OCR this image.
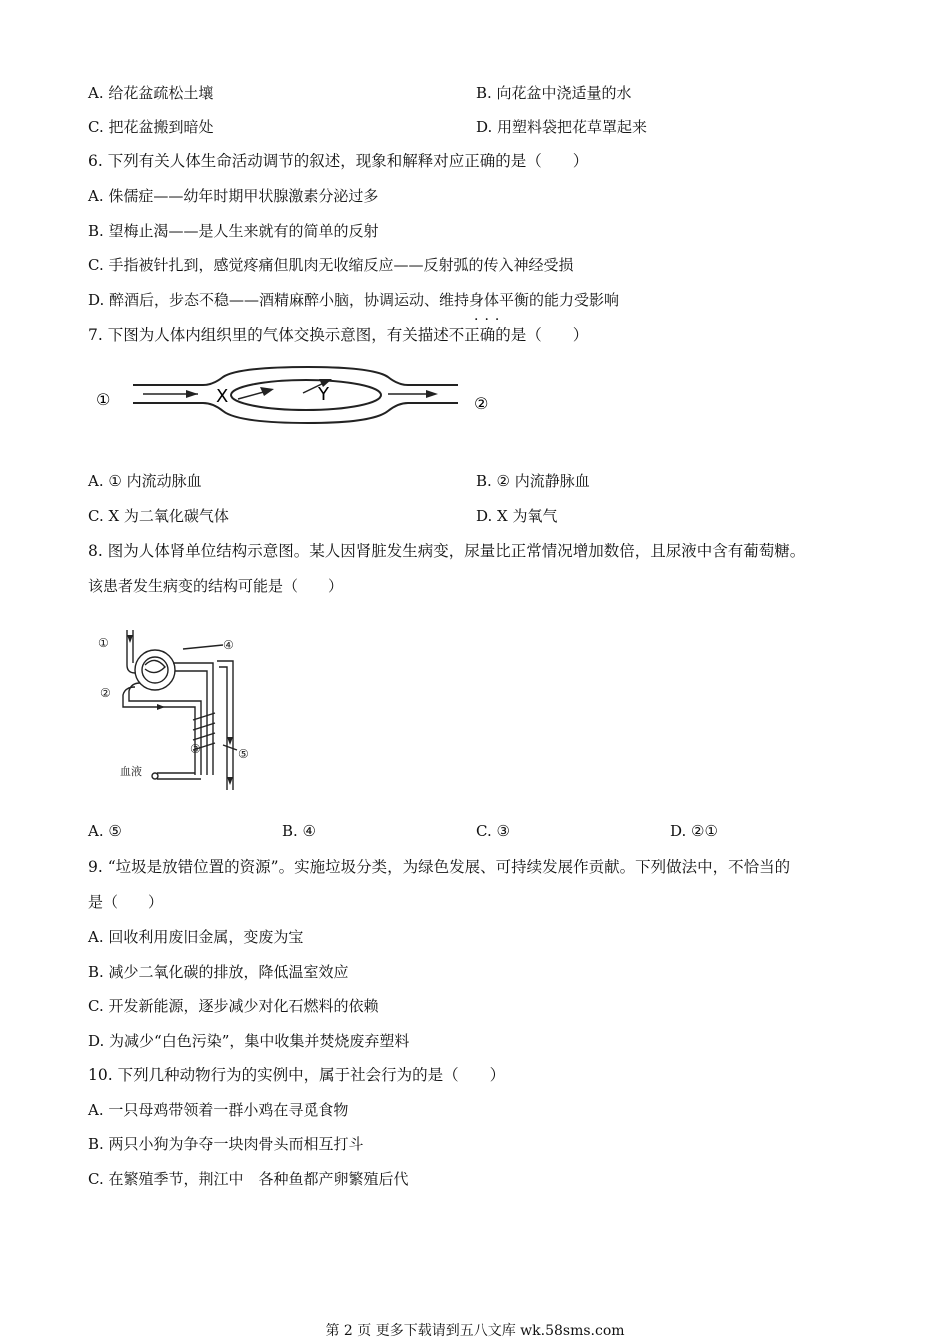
A. 给花盆疏松土壤	B. 向花盆中浇适量的水
C. 把花盆搬到暗处	D. 用塑料袋把花草罩起来
6. 下列有关人体生命活动调节的叙述，现象和解释对应正确的是（　　）
A. 侏儒症——幼年时期甲状腺激素分泌过多
B. 望梅止渴——是人生来就有的简单的反射
C. 手指被针扎到，感觉疼痛但肌肉无收缩反应——反射弧的传入神经受损
D. 醉酒后，步态不稳——酒精麻醉小脑，协调运动、维持身体平衡的能力受影响
···
7. 下图为人体内组织里的气体交换示意图，有关描述不正确的是（　　）
①	X	Y	②
A. ① 内流动脉血	B. ② 内流静脉血
C. X 为二氧化碳气体	D. X 为氧气
8. 图为人体肾单位结构示意图。某人因肾脏发生病变，尿量比正常情况增加数倍，且尿液中含有葡萄糖。
该患者发生病变的结构可能是（　　）
①
②
③
④
⑤
血液
A. ⑤	B. ④	C. ③	D. ②①
9. “垃圾是放错位置的资源”。实施垃圾分类，为绿色发展、可持续发展作贡献。下列做法中，不恰当的
是（　　）
A. 回收利用废旧金属，变废为宝
B. 减少二氧化碳的排放，降低温室效应
C. 开发新能源，逐步减少对化石燃料的依赖
D. 为减少“白色污染”，集中收集并焚烧废弃塑料
10. 下列几种动物行为的实例中，属于社会行为的是（　　）
A. 一只母鸡带领着一群小鸡在寻觅食物
B. 两只小狗为争夺一块肉骨头而相互打斗
C. 在繁殖季节，荆江中　各种鱼都产卵繁殖后代
第 2 页 更多下载请到五八文库 wk.58sms.com
